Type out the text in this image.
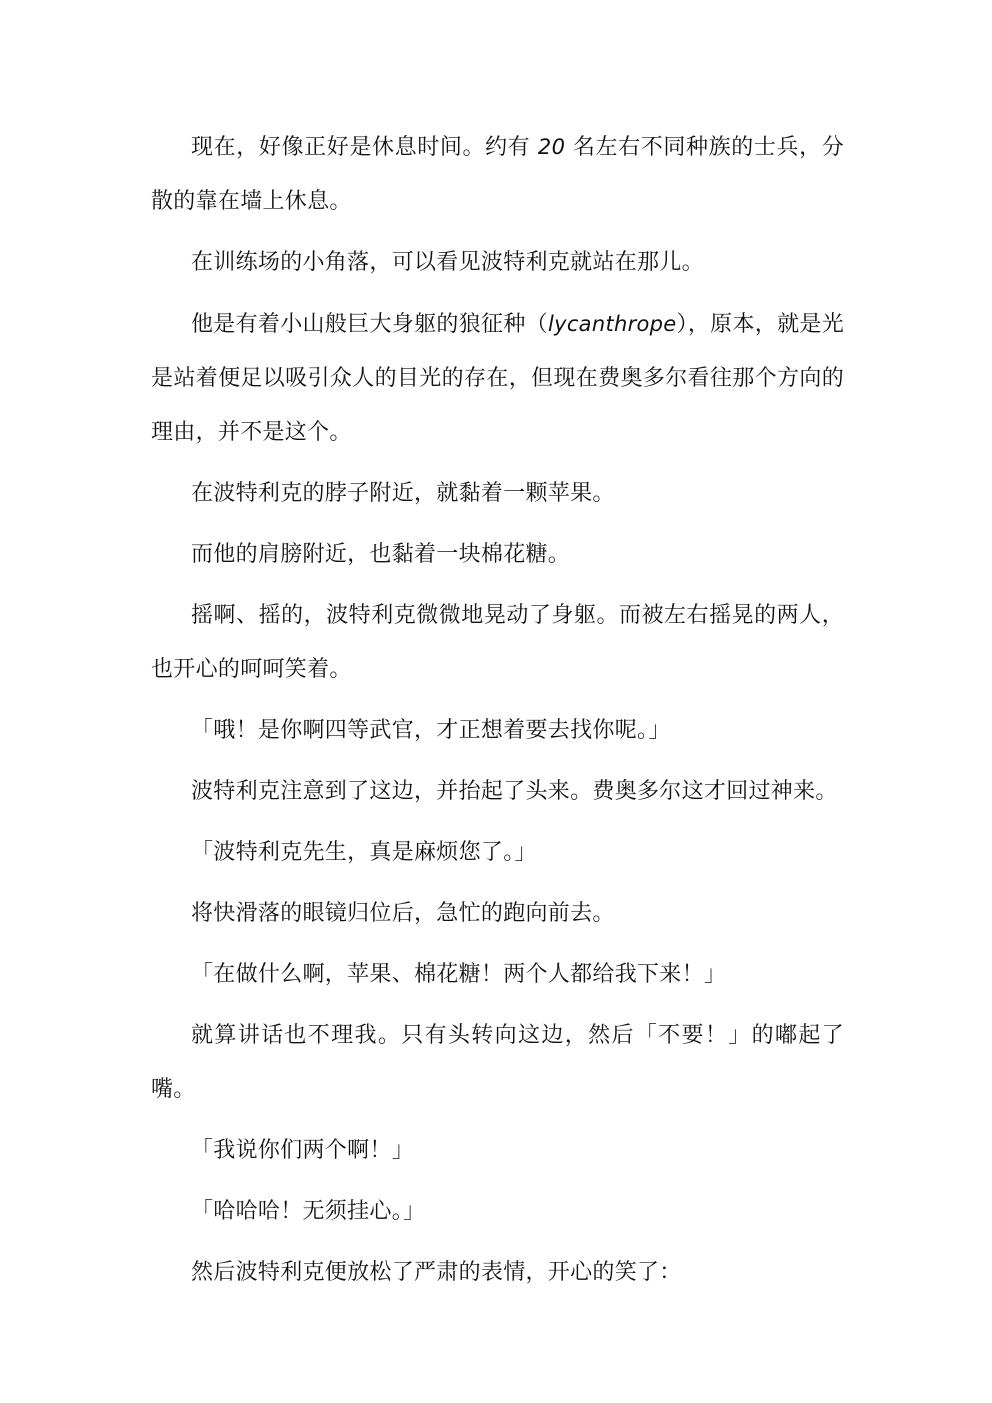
现在，好像正好是休息时间。约有 20 名左右不同种族的士兵，分散的靠在墙上休息。

在训练场的小角落，可以看见波特利克就站在那儿。

他是有着小山般巨大身躯的狼征种（lycanthrope），原本，就是光是站着便足以吸引众人的目光的存在，但现在费奥多尔看往那个方向的理由，并不是这个。

在波特利克的脖子附近，就黏着一颗苹果。

而他的肩膀附近，也黏着一块棉花糖。

摇啊、摇的，波特利克微微地晃动了身躯。而被左右摇晃的两人，也开心的呵呵笑着。

「哦！是你啊四等武官，才正想着要去找你呢。」

波特利克注意到了这边，并抬起了头来。费奥多尔这才回过神来。

「波特利克先生，真是麻烦您了。」

将快滑落的眼镜归位后，急忙的跑向前去。

「在做什么啊，苹果、棉花糖！两个人都给我下来！」

就算讲话也不理我。只有头转向这边，然后「不要！」的嘟起了嘴。

「我说你们两个啊！」

「哈哈哈！无须挂心。」

然后波特利克便放松了严肃的表情，开心的笑了：
